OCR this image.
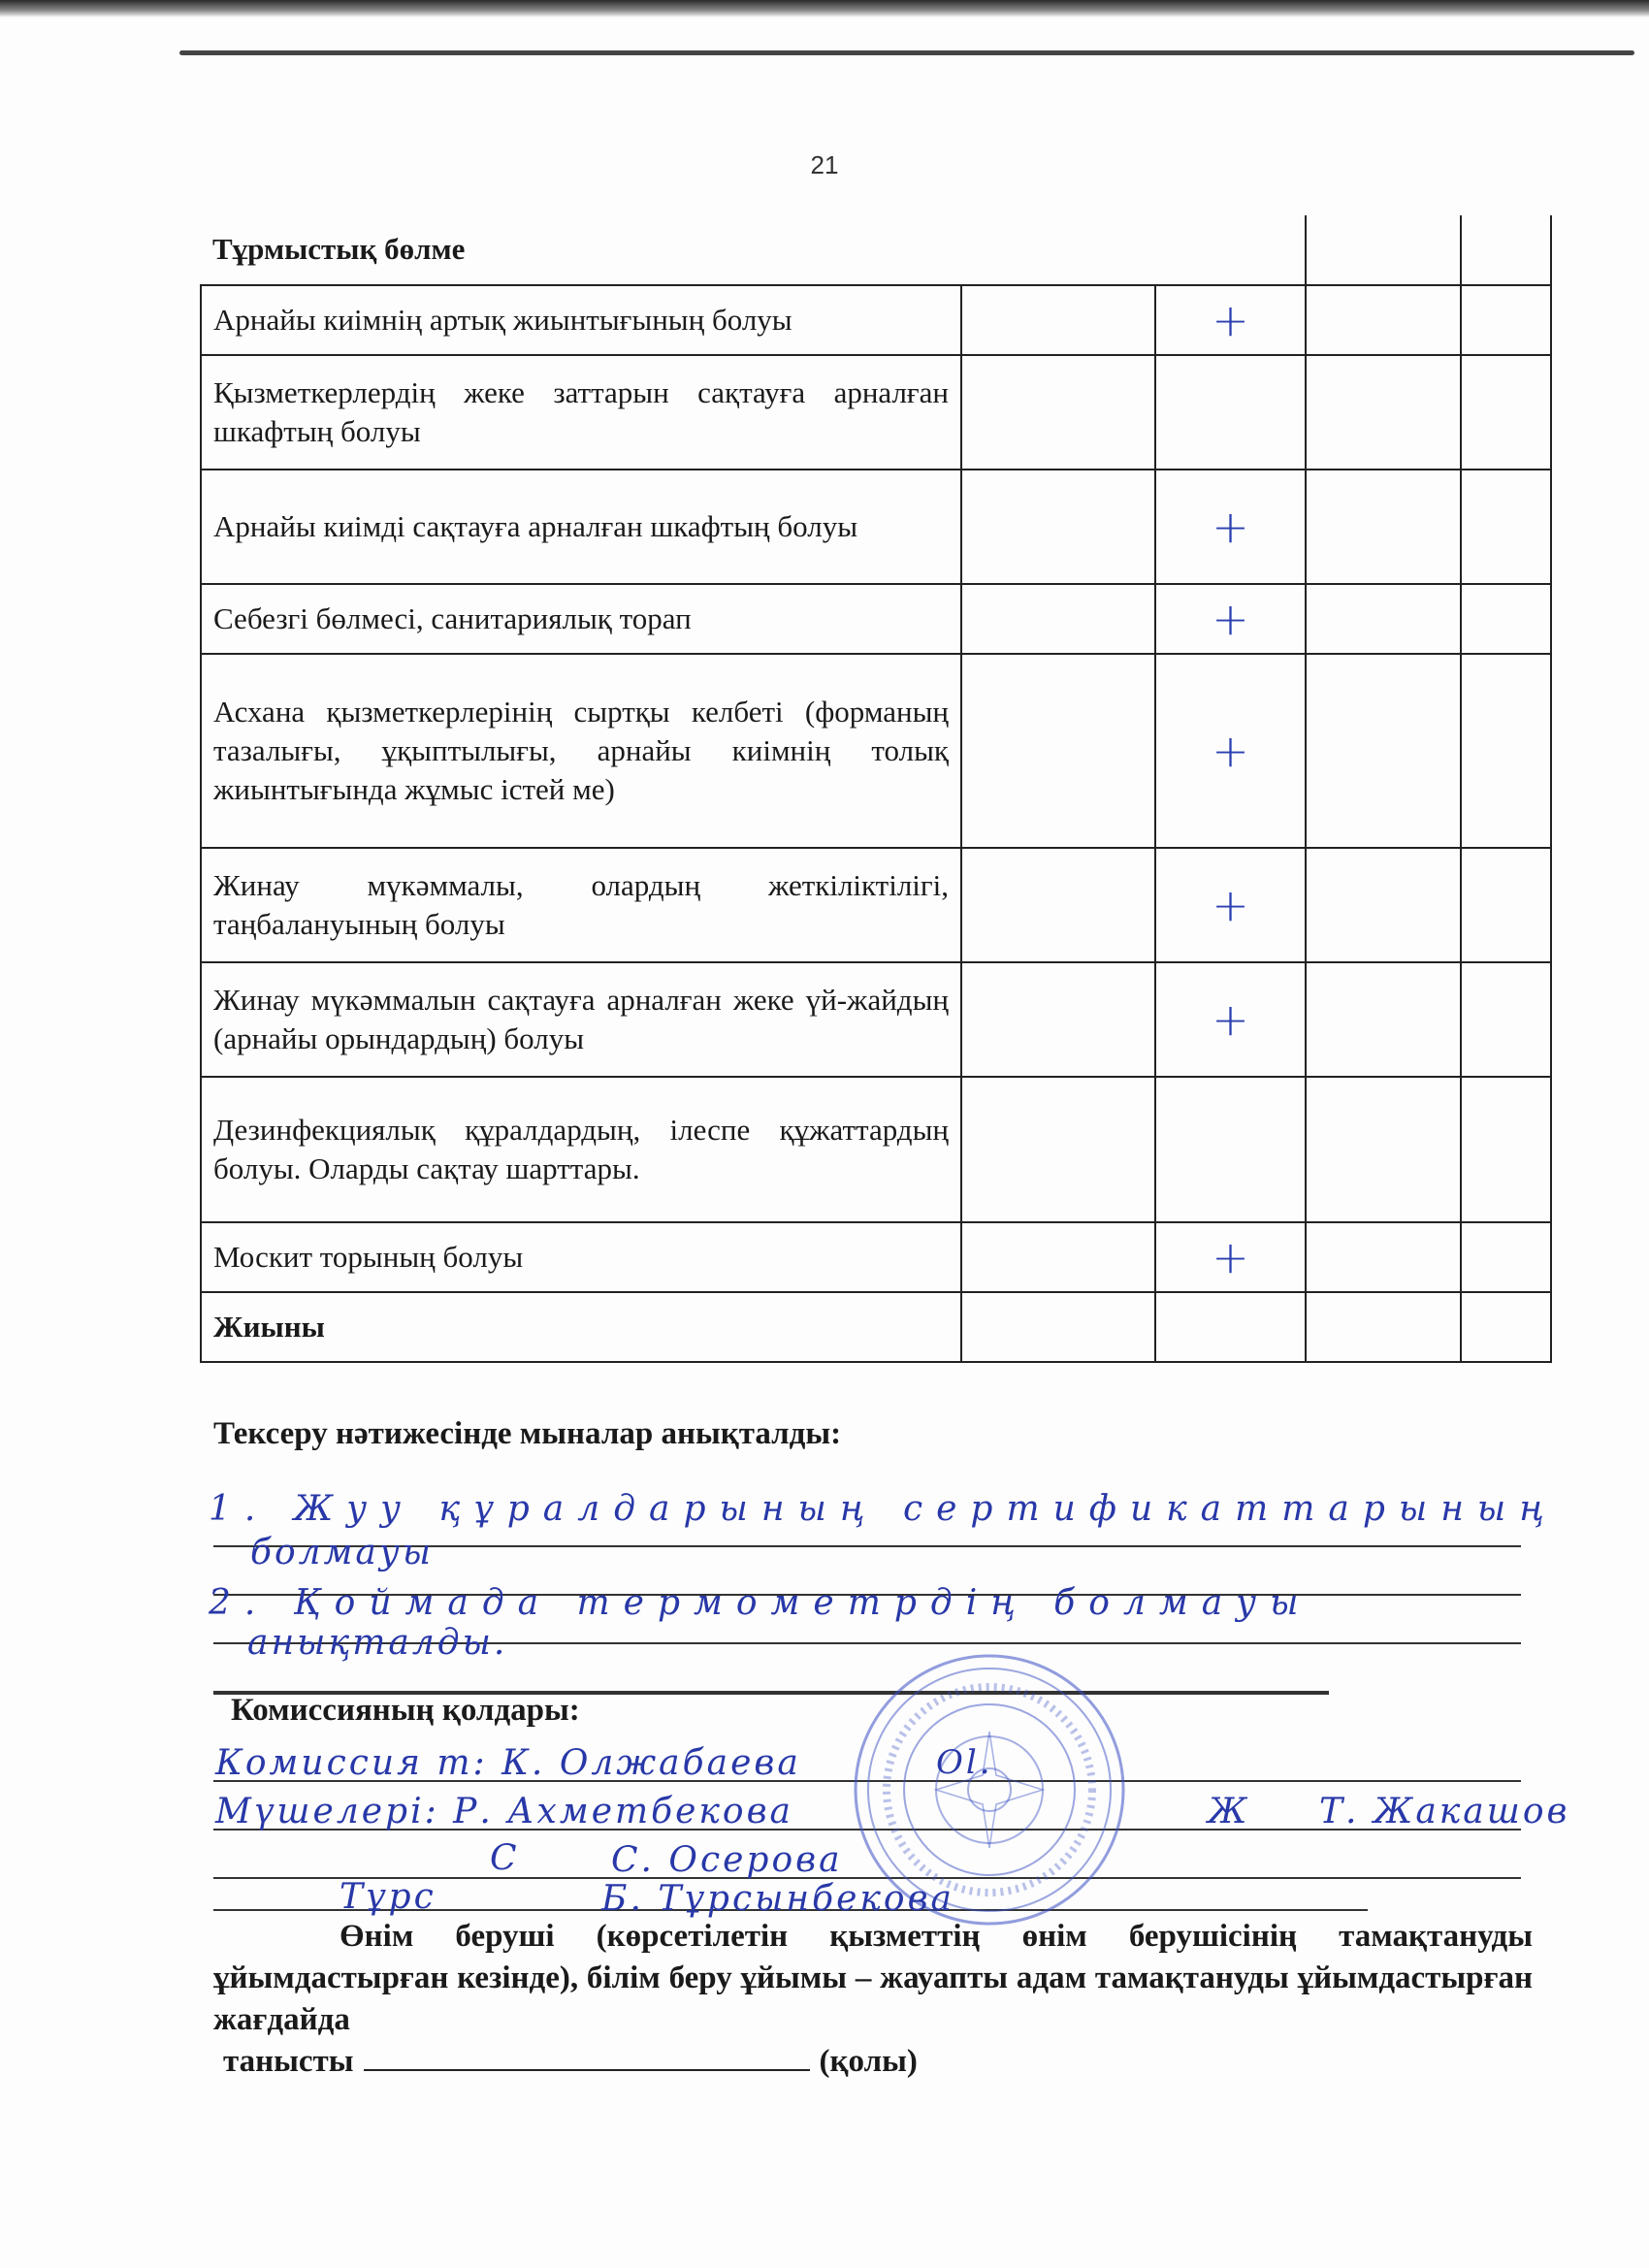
21
Тұрмыстық бөлме				
Арнайы киімнің артық жиынтығының болуы		+		
Қызметкерлердің жеке заттарын сақтауға арналған шкафтың болуы				
Арнайы киімді сақтауға арналған шкафтың болуы		+		
Себезгі бөлмесі, санитариялық торап		+		
Асхана қызметкерлерінің сыртқы келбеті (форманың тазалығы, ұқыптылығы, арнайы киімнің толық жиынтығында жұмыс істей ме)		+		
Жинау мүкәммалы, олардың жеткіліктілігі, таңбалануының болуы		+		
Жинау мүкәммалын сақтауға арналған жеке үй-жайдың (арнайы орындардың) болуы		+		
Дезинфекциялық құралдардың, ілеспе құжаттардың болуы. Оларды сақтау шарттары.				
Москит торының болуы		+		
Жиыны				
Тексеру нәтижесінде мыналар анықталды:
1. Жуу құралдарының сертификаттарының
болмауы
2. Қоймада термометрдің болмауы
анықталды.
Комиссияның қолдары:
Комиссия т: К. Олжабаева	Ol.
Мүшелері: Р. Ахметбекова	Ж Т. Жакашов
С	С. Осерова
Тұрс	Б. Тұрсынбекова
Өнім беруші (көрсетілетін қызметтің өнім берушісінің тамақтануды ұйымдастырған кезінде), білім беру ұйымы – жауапты адам тамақтануды ұйымдастырған жағдайда
танысты	(қолы)
